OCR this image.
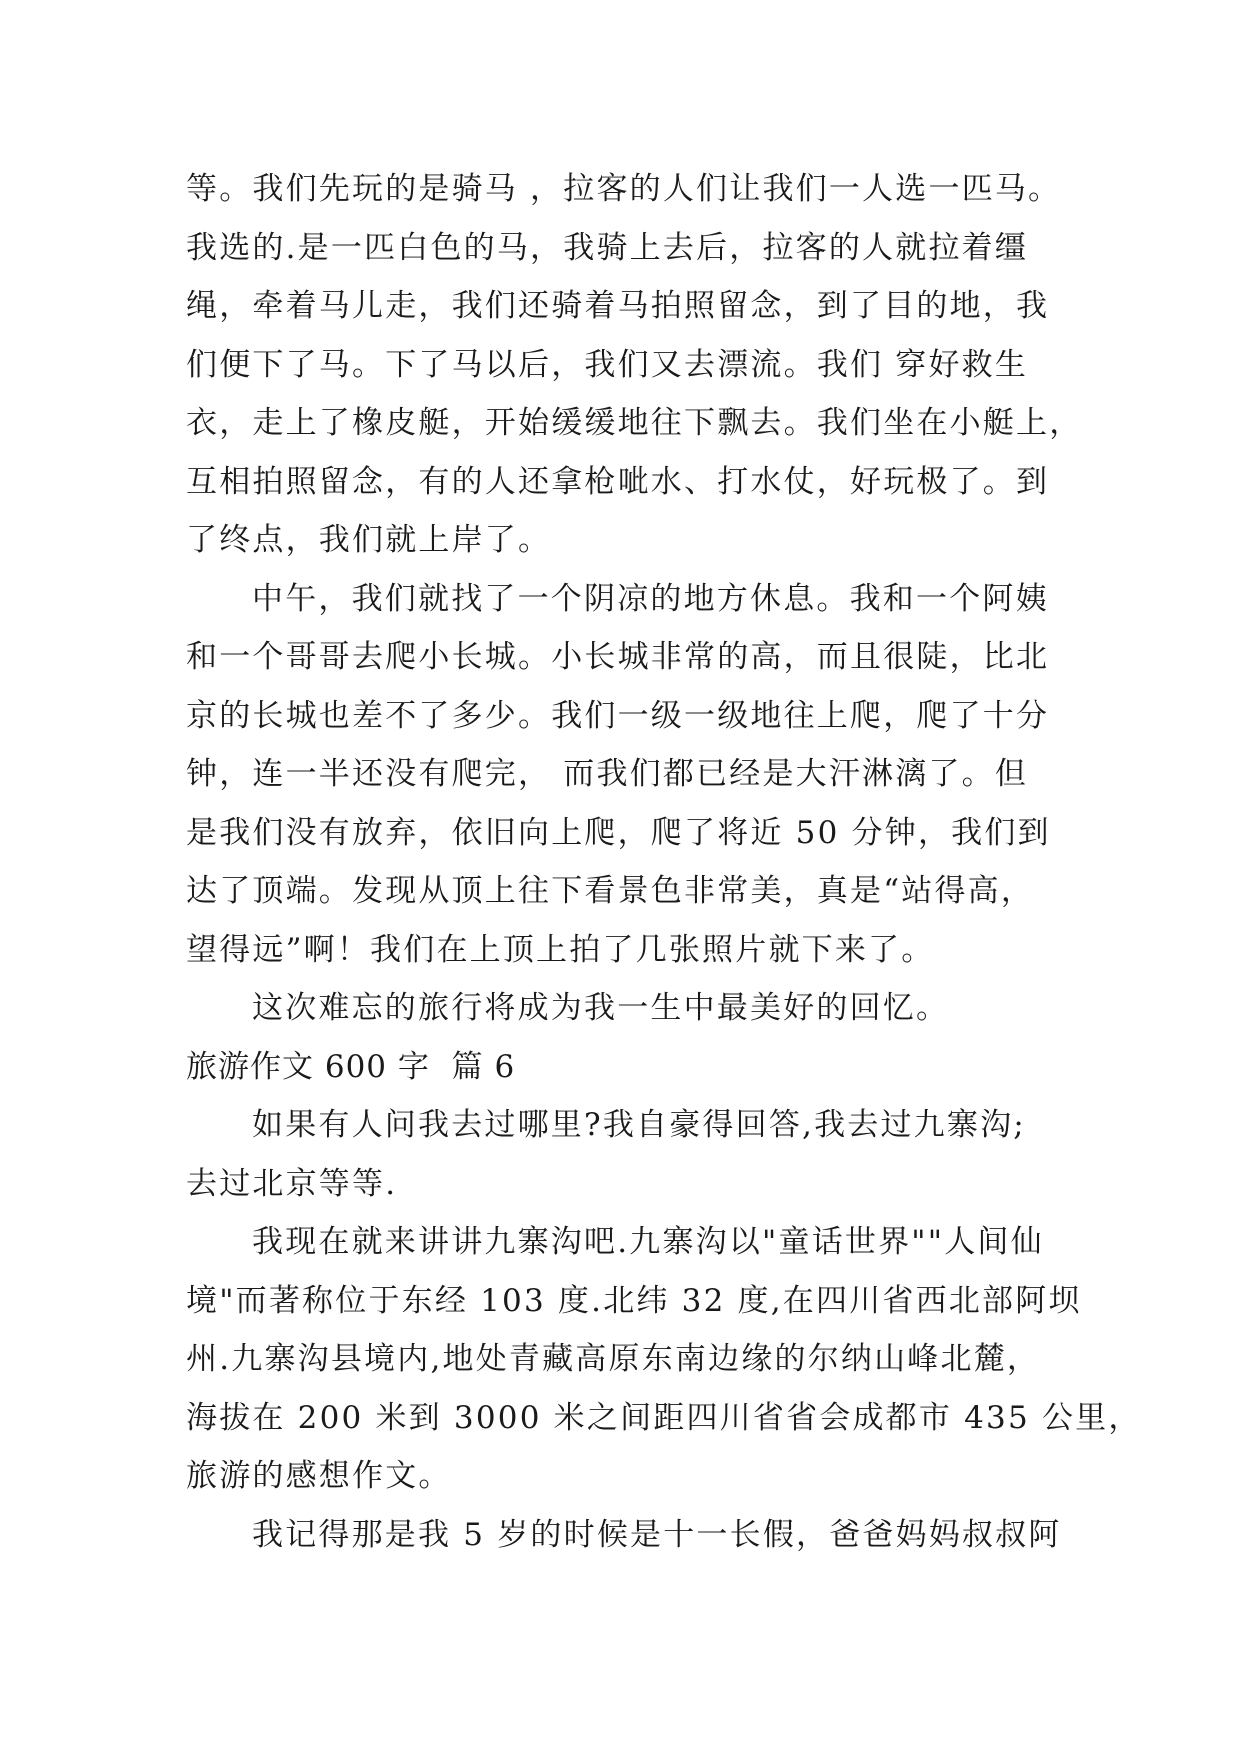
等。我们先玩的是骑马 ，拉客的人们让我们一人选一匹马。
我选的.是一匹白色的马，我骑上去后，拉客的人就拉着缰
绳，牵着马儿走，我们还骑着马拍照留念，到了目的地，我
们便下了马。下了马以后，我们又去漂流。我们 穿好救生
衣，走上了橡皮艇，开始缓缓地往下飘去。我们坐在小艇上，
互相拍照留念，有的人还拿枪呲水、打水仗，好玩极了。到
了终点，我们就上岸了。
中午，我们就找了一个阴凉的地方休息。我和一个阿姨
和一个哥哥去爬小长城。小长城非常的高，而且很陡，比北
京的长城也差不了多少。我们一级一级地往上爬，爬了十分
钟，连一半还没有爬完， 而我们都已经是大汗淋漓了。但
是我们没有放弃，依旧向上爬，爬了将近 50 分钟，我们到
达了顶端。发现从顶上往下看景色非常美，真是“站得高，
望得远”啊！我们在上顶上拍了几张照片就下来了。
这次难忘的旅行将成为我一生中最美好的回忆。
旅游作文 600 字  篇 6
如果有人问我去过哪里?我自豪得回答,我去过九寨沟;
去过北京等等.
我现在就来讲讲九寨沟吧.九寨沟以"童话世界""人间仙
境"而著称位于东经 103 度.北纬 32 度,在四川省西北部阿坝
州.九寨沟县境内,地处青藏高原东南边缘的尔纳山峰北麓，
海拔在 200 米到 3000 米之间距四川省省会成都市 435 公里，
旅游的感想作文。
我记得那是我 5 岁的时候是十一长假，爸爸妈妈叔叔阿
